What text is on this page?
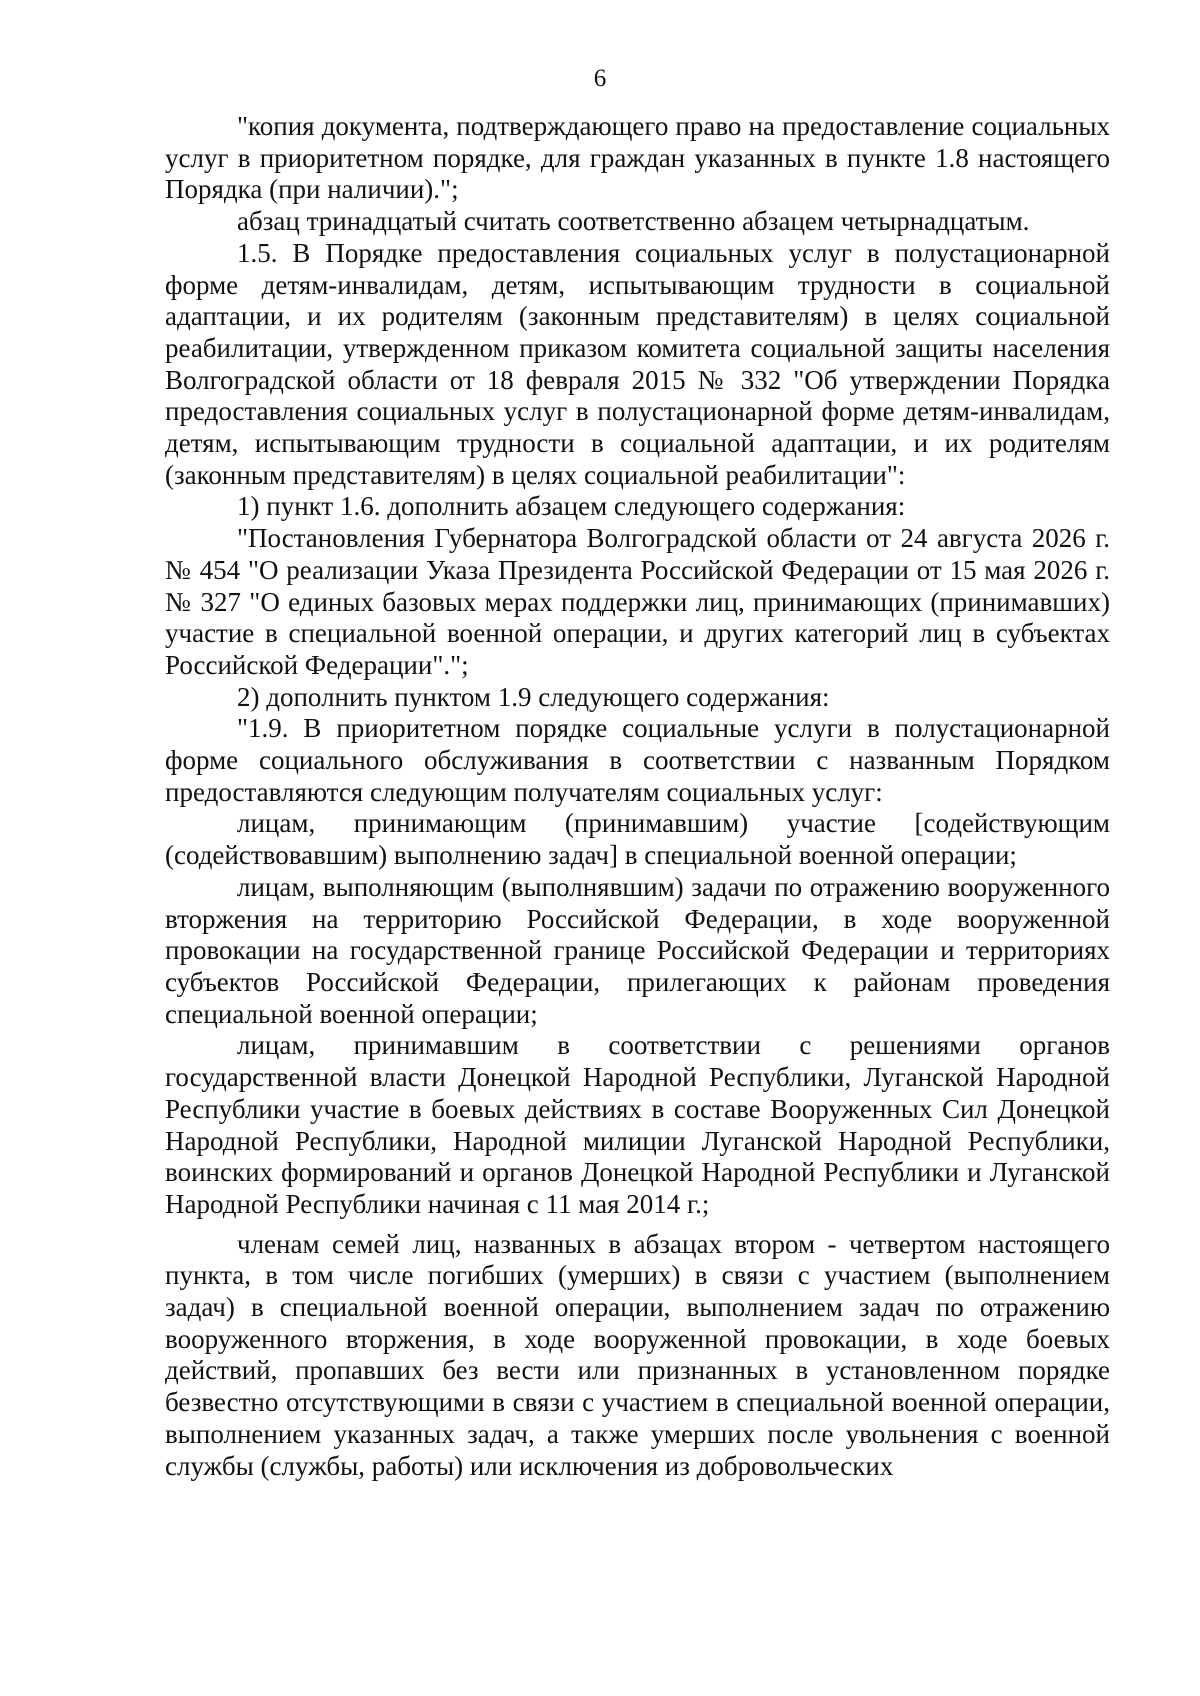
6

"копия документа, подтверждающего право на предоставление социальных услуг в приоритетном порядке, для граждан указанных в пункте 1.8 настоящего Порядка (при наличии).";

абзац тринадцатый считать соответственно абзацем четырнадцатым.

1.5. В Порядке предоставления социальных услуг в полустационарной форме детям-инвалидам, детям, испытывающим трудности в социальной адаптации, и их родителям (законным представителям) в целях социальной реабилитации, утвержденном приказом комитета социальной защиты населения Волгоградской области от 18 февраля 2015 № 332 "Об утверждении Порядка предоставления социальных услуг в полустационарной форме детям-инвалидам, детям, испытывающим трудности в социальной адаптации, и их родителям (законным представителям) в целях социальной реабилитации":

1) пункт 1.6. дополнить абзацем следующего содержания:

"Постановления Губернатора Волгоградской области от 24 августа 2026 г. № 454 "О реализации Указа Президента Российской Федерации от 15 мая 2026 г. № 327 "О единых базовых мерах поддержки лиц, принимающих (принимавших) участие в специальной военной операции, и других категорий лиц в субъектах Российской Федерации".";

2) дополнить пунктом 1.9 следующего содержания:

"1.9. В приоритетном порядке социальные услуги в полустационарной форме социального обслуживания в соответствии с названным Порядком предоставляются следующим получателям социальных услуг:

лицам, принимающим (принимавшим) участие [содействующим (содействовавшим) выполнению задач] в специальной военной операции;

лицам, выполняющим (выполнявшим) задачи по отражению вооруженного вторжения на территорию Российской Федерации, в ходе вооруженной провокации на государственной границе Российской Федерации и территориях субъектов Российской Федерации, прилегающих к районам проведения специальной военной операции;

лицам, принимавшим в соответствии с решениями органов государственной власти Донецкой Народной Республики, Луганской Народной Республики участие в боевых действиях в составе Вооруженных Сил Донецкой Народной Республики, Народной милиции Луганской Народной Республики, воинских формирований и органов Донецкой Народной Республики и Луганской Народной Республики начиная с 11 мая 2014 г.;

членам семей лиц, названных в абзацах втором - четвертом настоящего пункта, в том числе погибших (умерших) в связи с участием (выполнением задач) в специальной военной операции, выполнением задач по отражению вооруженного вторжения, в ходе вооруженной провокации, в ходе боевых действий, пропавших без вести или признанных в установленном порядке безвестно отсутствующими в связи с участием в специальной военной операции, выполнением указанных задач, а также умерших после увольнения с военной службы (службы, работы) или исключения из добровольческих
